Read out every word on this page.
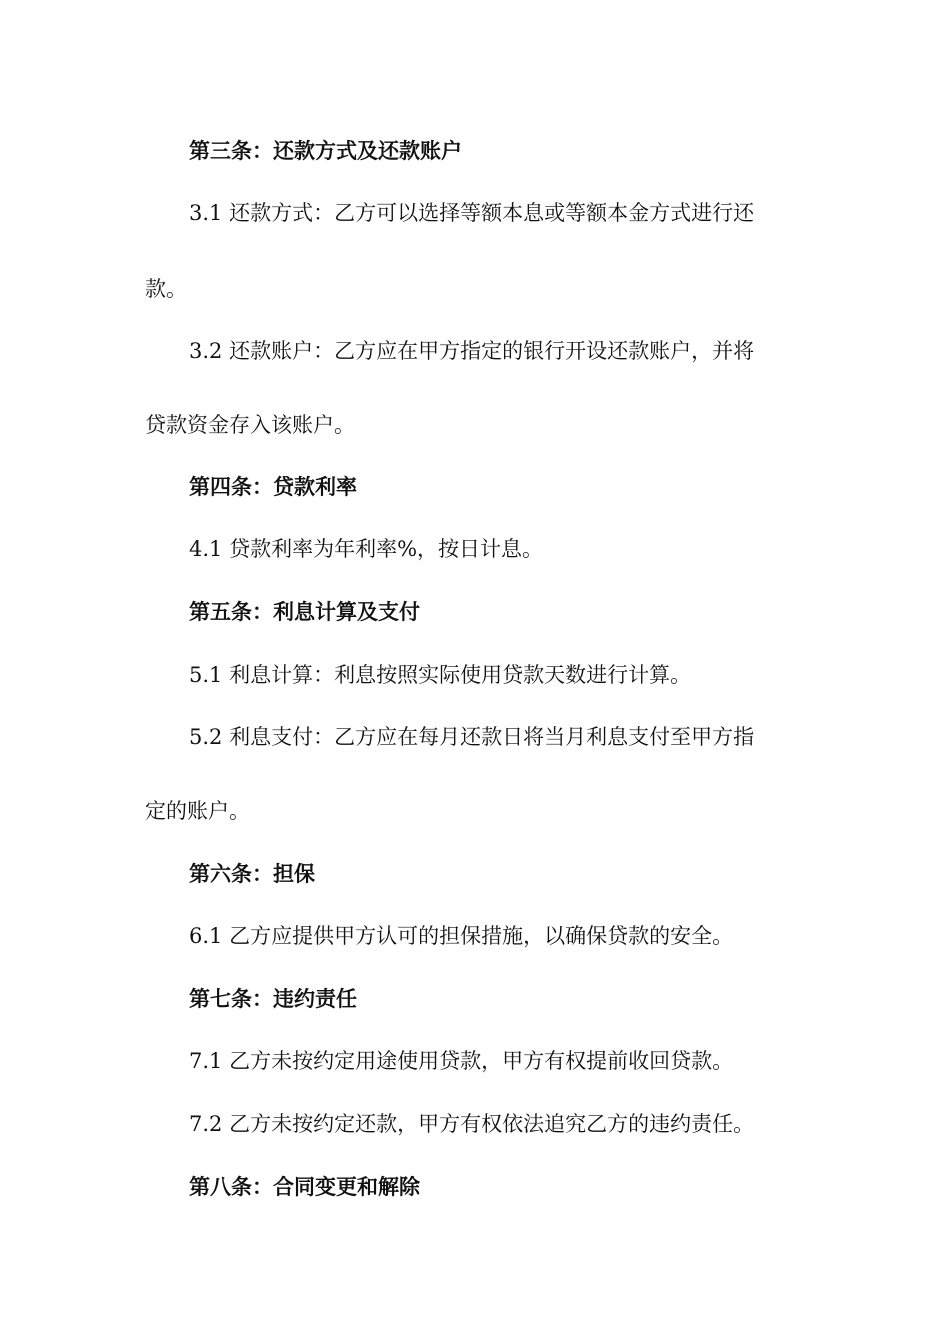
第三条：还款方式及还款账户
3.1 还款方式：乙方可以选择等额本息或等额本金方式进行还
款。
3.2 还款账户：乙方应在甲方指定的银行开设还款账户，并将
贷款资金存入该账户。
第四条：贷款利率
4.1 贷款利率为年利率%，按日计息。
第五条：利息计算及支付
5.1 利息计算：利息按照实际使用贷款天数进行计算。
5.2 利息支付：乙方应在每月还款日将当月利息支付至甲方指
定的账户。
第六条：担保
6.1 乙方应提供甲方认可的担保措施，以确保贷款的安全。
第七条：违约责任
7.1 乙方未按约定用途使用贷款，甲方有权提前收回贷款。
7.2 乙方未按约定还款，甲方有权依法追究乙方的违约责任。
第八条：合同变更和解除
